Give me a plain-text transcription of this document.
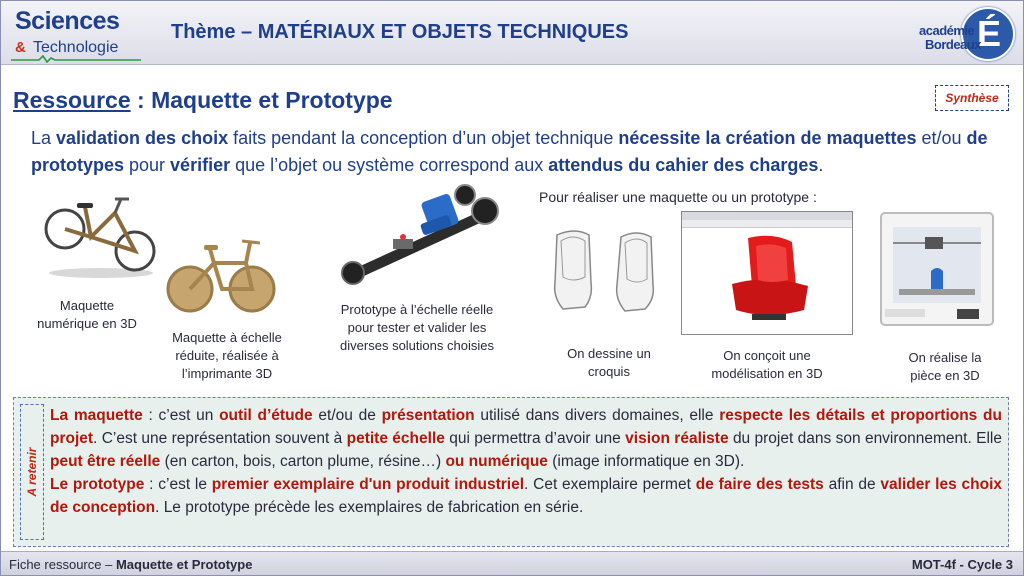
Sciences
& Technologie
Thème – MATÉRIAUX ET OBJETS TECHNIQUES	É
académie
Bordeaux
Ressource : Maquette et Prototype	Synthèse
La validation des choix faits pendant la conception d’un objet technique nécessite la création de maquettes et/ou de prototypes pour vérifier que l’objet ou système correspond aux attendus du cahier des charges.
Maquette
numérique en 3D
Maquette à échelle
réduite, réalisée à
l’imprimante 3D
Prototype à l’échelle réelle
pour tester et valider les
diverses solutions choisies
Pour réaliser une maquette ou un prototype :
On dessine un
croquis
On conçoit une
modélisation en 3D
On réalise la
pièce en 3D
A retenir
La maquette : c’est un outil d’étude et/ou de présentation utilisé dans divers domaines, elle respecte les détails et proportions du projet. C’est une représentation souvent à petite échelle qui permettra d’avoir une vision réaliste du projet dans son environnement. Elle peut être réelle (en carton, bois, carton plume, résine…) ou numérique (image informatique en 3D).
Le prototype : c’est le premier exemplaire d'un produit industriel. Cet exemplaire permet de faire des tests afin de valider les choix de conception. Le prototype précède les exemplaires de fabrication en série.
Fiche ressource – Maquette et Prototype	MOT-4f - Cycle 3
